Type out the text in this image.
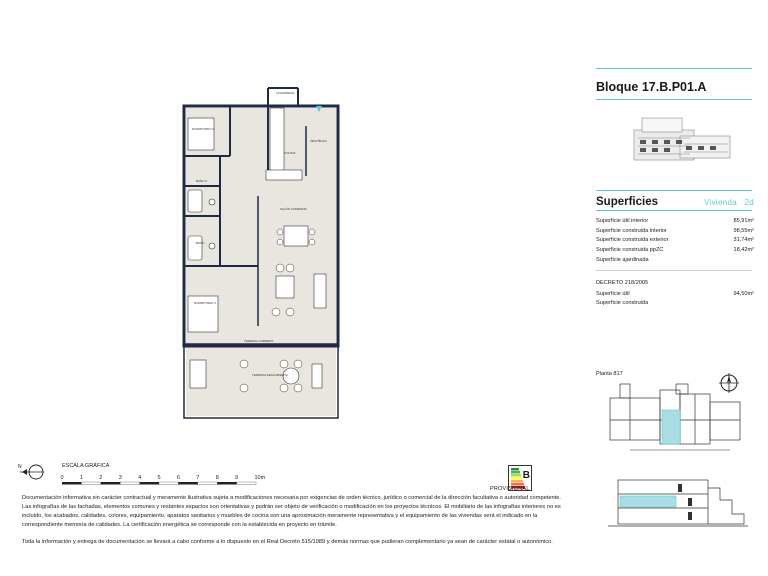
LAVANDERÍA
DORMITORIO 2
COCINA
VESTÍBULO
BAÑO 2
SALÓN COMEDOR
BAÑO
DORMITORIO 1
TERRAZA CUBIERTA
TERRAZA DESCUBIERTA
Bloque 17.B.P01.A
Superficies	Vivienda 2d
Superficie útil interior	85,91m²
Superficie construida interior	98,55m²
Superficie construida exterior	31,74m²
Superficie construida ppZC	18,42m²
Superficie ajardinada
DECRETO 218/2005
Superficie útil	94,50m²
Superficie construida
Planta 817
N	ESCALA GRÁFICA
0	1	2	3	4	5	6	7	8	9	10m	B
PROVISIONAL
Documentación informativa sin carácter contractual y meramente ilustrativa sujeta a modificaciones necesaria por exigencias de orden técnico, jurídico o comercial de la dirección facultativa o autoridad competente. Las infografías de las fachadas, elementos comunes y restantes espacios son orientativas y podrán ser objeto de verificación o modificación en los proyectos técnicos. El mobiliario de las infografías interiores no es incluido, los acabados, calidades, colores, equipamiento, aparatos sanitarios y muebles de cocina son una aproximación meramente representativa y el equipamiento de las viviendas será el indicado en la correspondiente memoria de calidades. La certificación energética se corresponde con la establecida en proyecto en trámite.
Toda la información y entrega de documentación se llevará a cabo conforme a lo dispuesto en el Real Decreto 515/1989 y demás normas que pudieran complementario ya sean de carácter estatal o autonómico.
